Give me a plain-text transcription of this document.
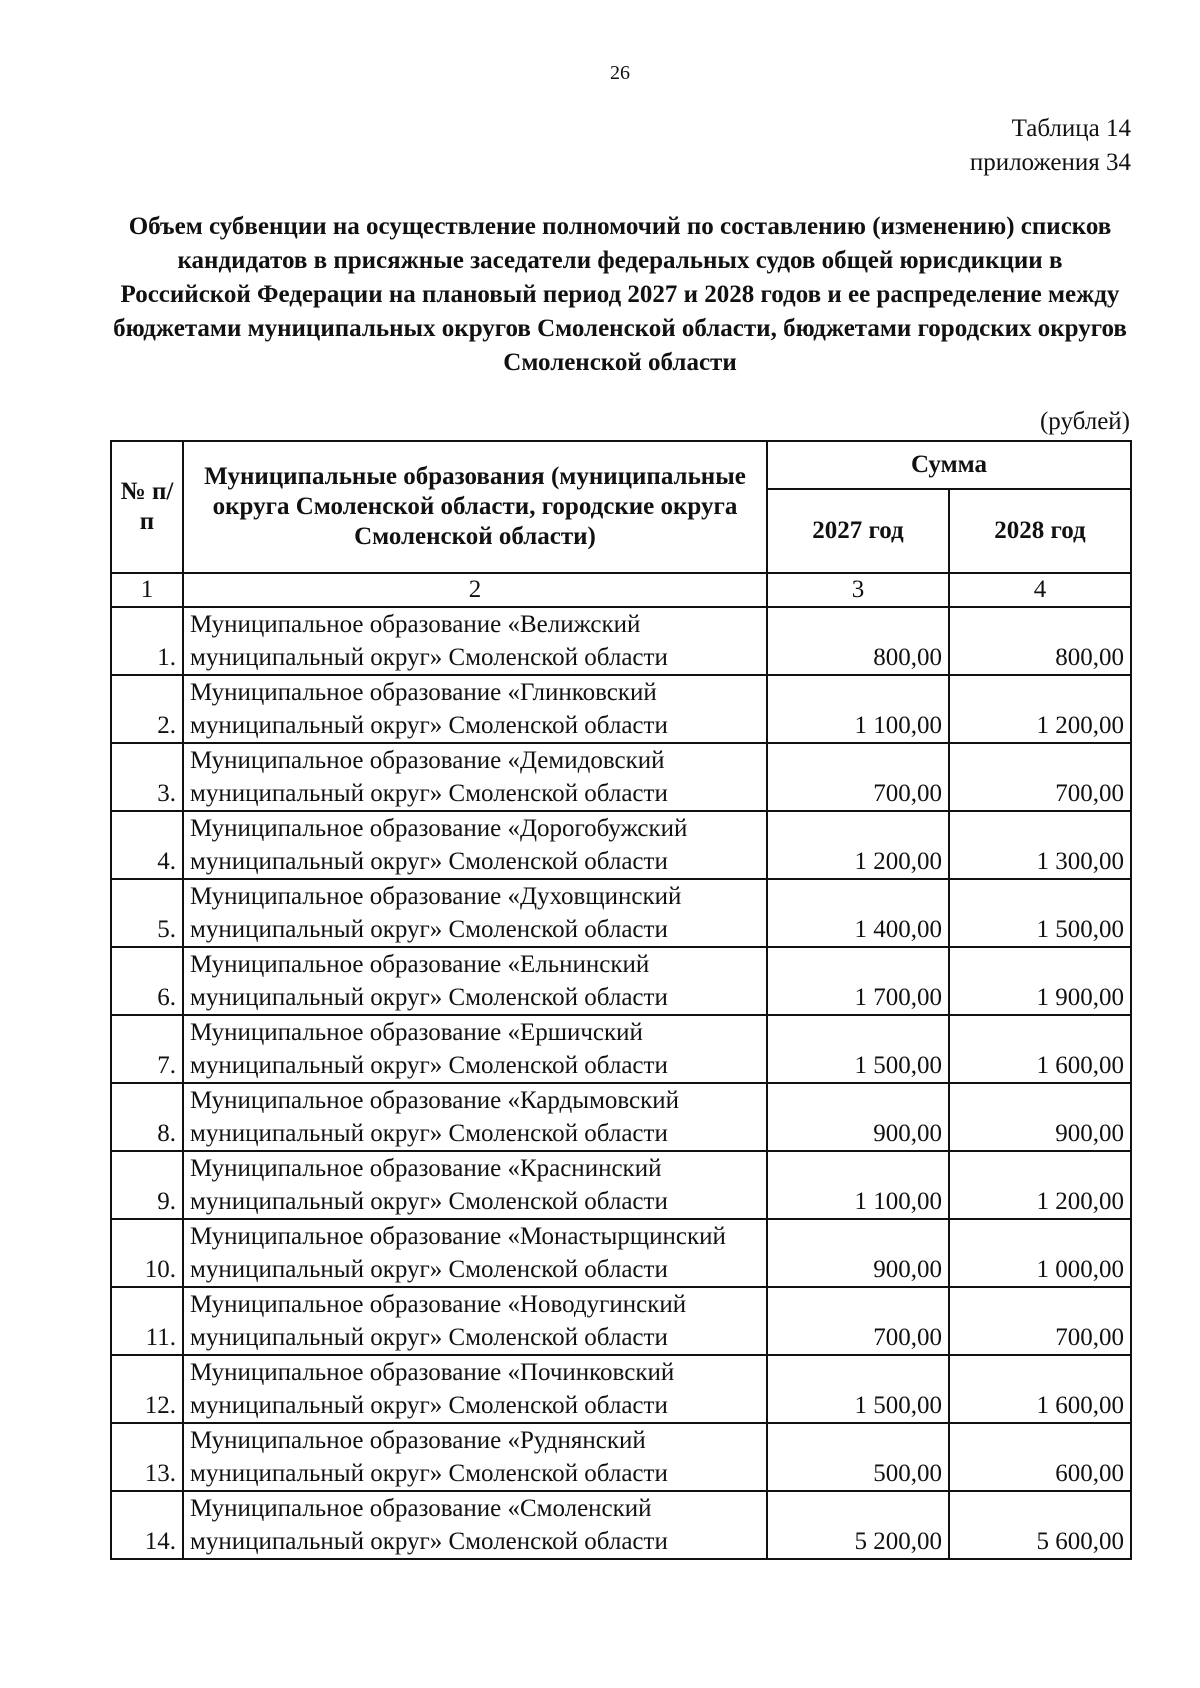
26
Таблица 14
приложения 34
Объем субвенции на осуществление полномочий по составлению (изменению) списков кандидатов в присяжные заседатели федеральных судов общей юрисдикции в Российской Федерации на плановый период 2027 и 2028 годов и ее распределение между бюджетами муниципальных округов Смоленской области, бюджетами городских округов Смоленской области
(рублей)
№ п/п	Муниципальные образования (муниципальные округа Смоленской области, городские округа Смоленской области)	Сумма	
		2027 год	2028 год
1	2	3	4
1.	Муниципальное образование «Велижский муниципальный округ» Смоленской области	800,00	800,00
2.	Муниципальное образование «Глинковский муниципальный округ» Смоленской области	1 100,00	1 200,00
3.	Муниципальное образование «Демидовский муниципальный округ» Смоленской области	700,00	700,00
4.	Муниципальное образование «Дорогобужский муниципальный округ» Смоленской области	1 200,00	1 300,00
5.	Муниципальное образование «Духовщинский муниципальный округ» Смоленской области	1 400,00	1 500,00
6.	Муниципальное образование «Ельнинский муниципальный округ» Смоленской области	1 700,00	1 900,00
7.	Муниципальное образование «Ершичский муниципальный округ» Смоленской области	1 500,00	1 600,00
8.	Муниципальное образование «Кардымовский муниципальный округ» Смоленской области	900,00	900,00
9.	Муниципальное образование «Краснинский муниципальный округ» Смоленской области	1 100,00	1 200,00
10.	Муниципальное образование «Монастырщинский муниципальный округ» Смоленской области	900,00	1 000,00
11.	Муниципальное образование «Новодугинский муниципальный округ» Смоленской области	700,00	700,00
12.	Муниципальное образование «Починковский муниципальный округ» Смоленской области	1 500,00	1 600,00
13.	Муниципальное образование «Руднянский муниципальный округ» Смоленской области	500,00	600,00
14.	Муниципальное образование «Смоленский муниципальный округ» Смоленской области	5 200,00	5 600,00
